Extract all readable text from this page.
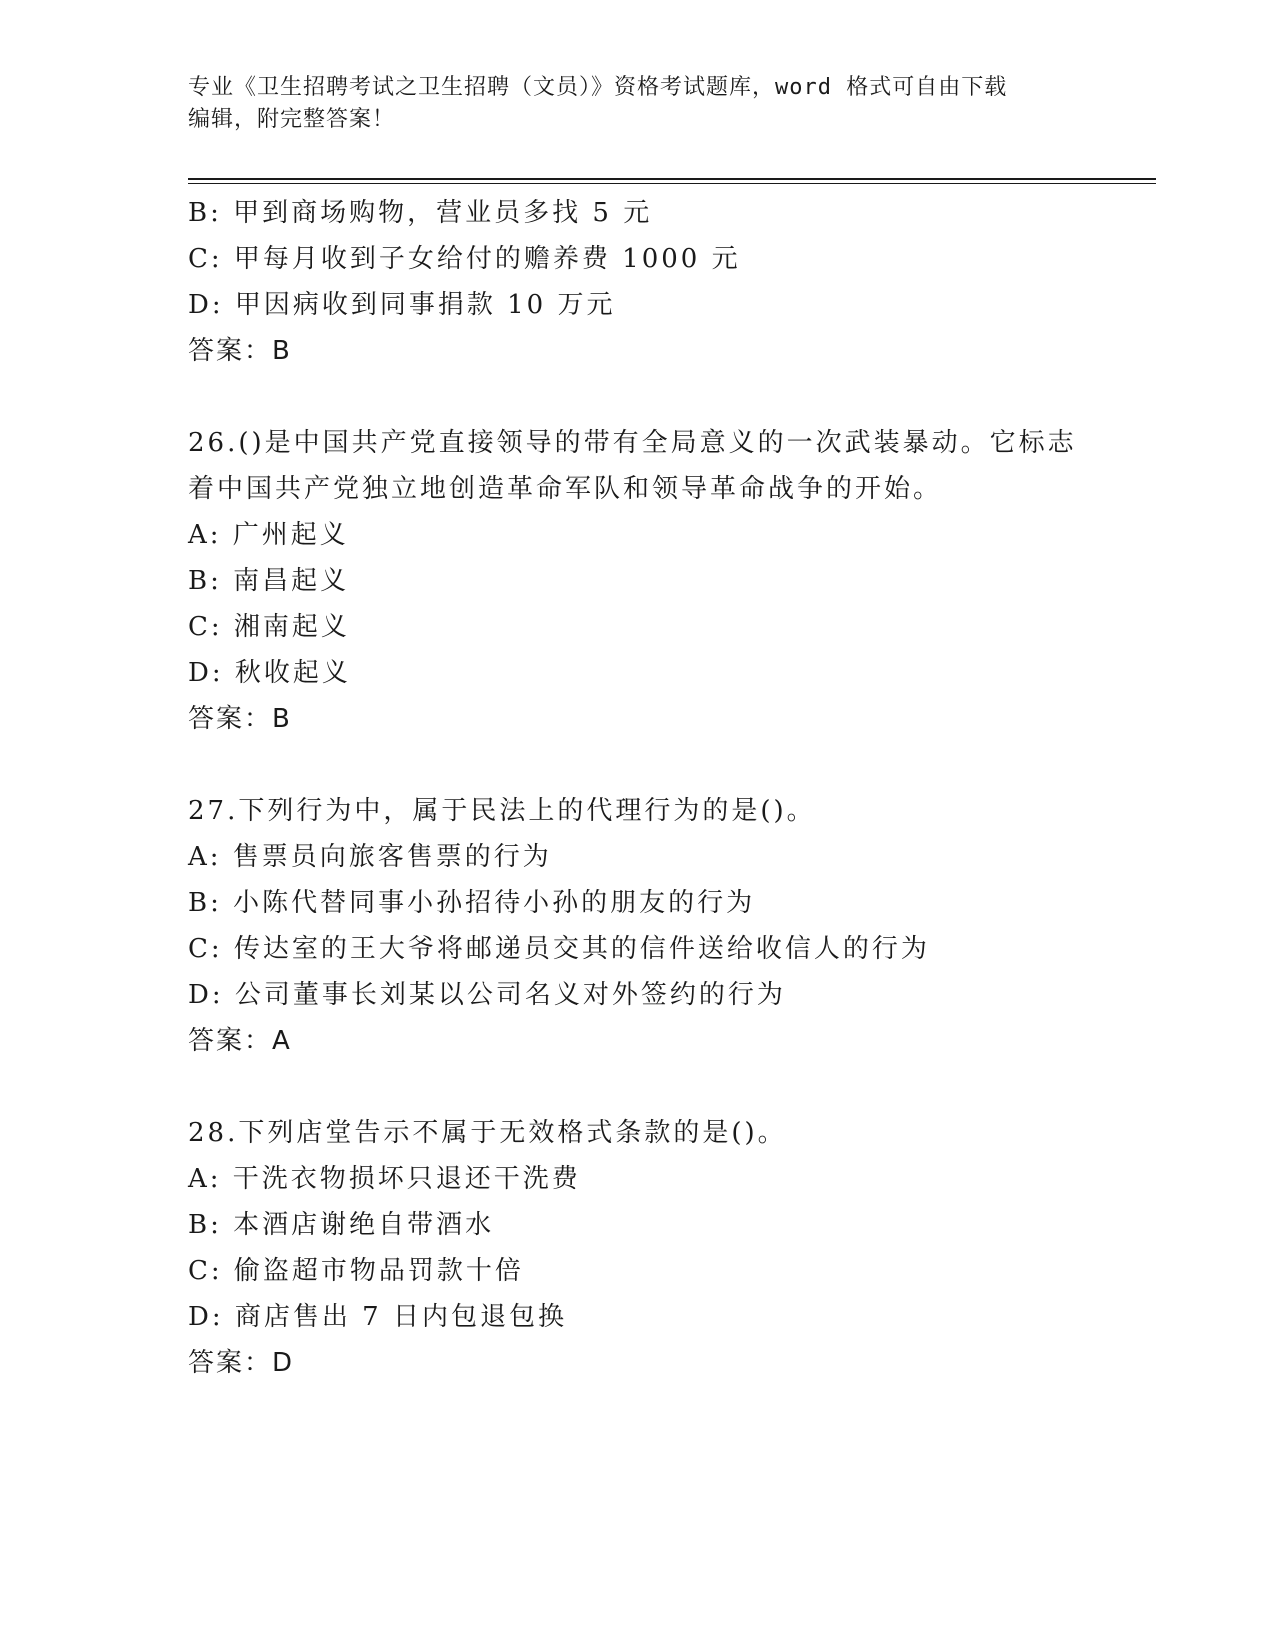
专业《卫生招聘考试之卫生招聘（文员）》资格考试题库，word 格式可自由下载
编辑，附完整答案！
B: 甲到商场购物，营业员多找 5 元
C: 甲每月收到子女给付的赡养费 1000 元
D: 甲因病收到同事捐款 10 万元
答案：B
26.()是中国共产党直接领导的带有全局意义的一次武装暴动。它标志着中国共产党独立地创造革命军队和领导革命战争的开始。
A: 广州起义
B: 南昌起义
C: 湘南起义
D: 秋收起义
答案：B
27.下列行为中，属于民法上的代理行为的是()。
A: 售票员向旅客售票的行为
B: 小陈代替同事小孙招待小孙的朋友的行为
C: 传达室的王大爷将邮递员交其的信件送给收信人的行为
D: 公司董事长刘某以公司名义对外签约的行为
答案：A
28.下列店堂告示不属于无效格式条款的是()。
A: 干洗衣物损坏只退还干洗费
B: 本酒店谢绝自带酒水
C: 偷盗超市物品罚款十倍
D: 商店售出 7 日内包退包换
答案：D
